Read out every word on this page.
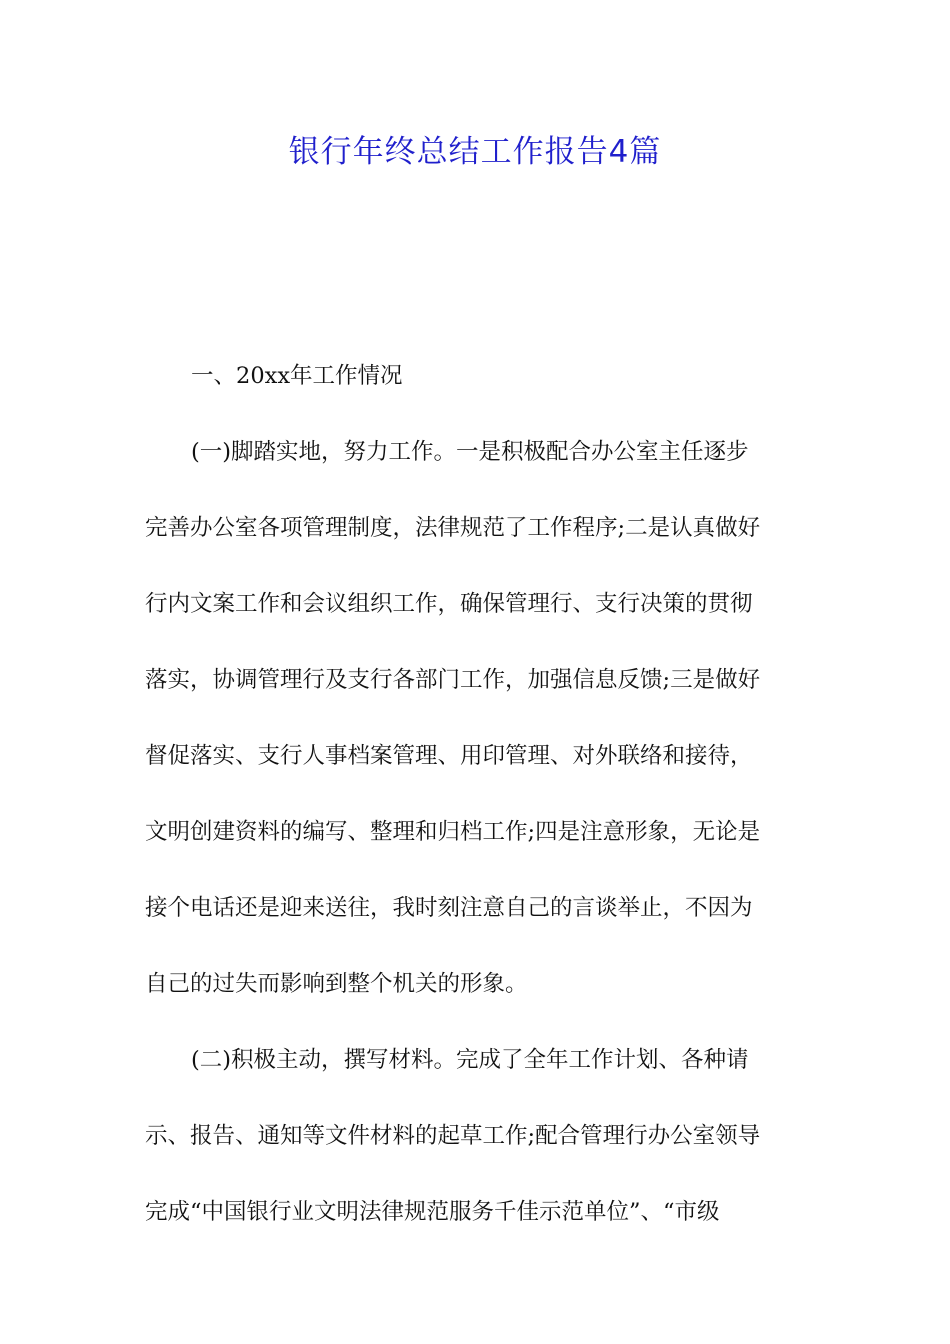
银行年终总结工作报告4篇

一、20xx年工作情况

(一)脚踏实地，努力工作。一是积极配合办公室主任逐步
完善办公室各项管理制度，法律规范了工作程序;二是认真做好
行内文案工作和会议组织工作，确保管理行、支行决策的贯彻
落实，协调管理行及支行各部门工作，加强信息反馈;三是做好
督促落实、支行人事档案管理、用印管理、对外联络和接待，
文明创建资料的编写、整理和归档工作;四是注意形象，无论是
接个电话还是迎来送往，我时刻注意自己的言谈举止，不因为
自己的过失而影响到整个机关的形象。
(二)积极主动，撰写材料。完成了全年工作计划、各种请
示、报告、通知等文件材料的起草工作;配合管理行办公室领导
完成“中国银行业文明法律规范服务千佳示范单位”、“市级
